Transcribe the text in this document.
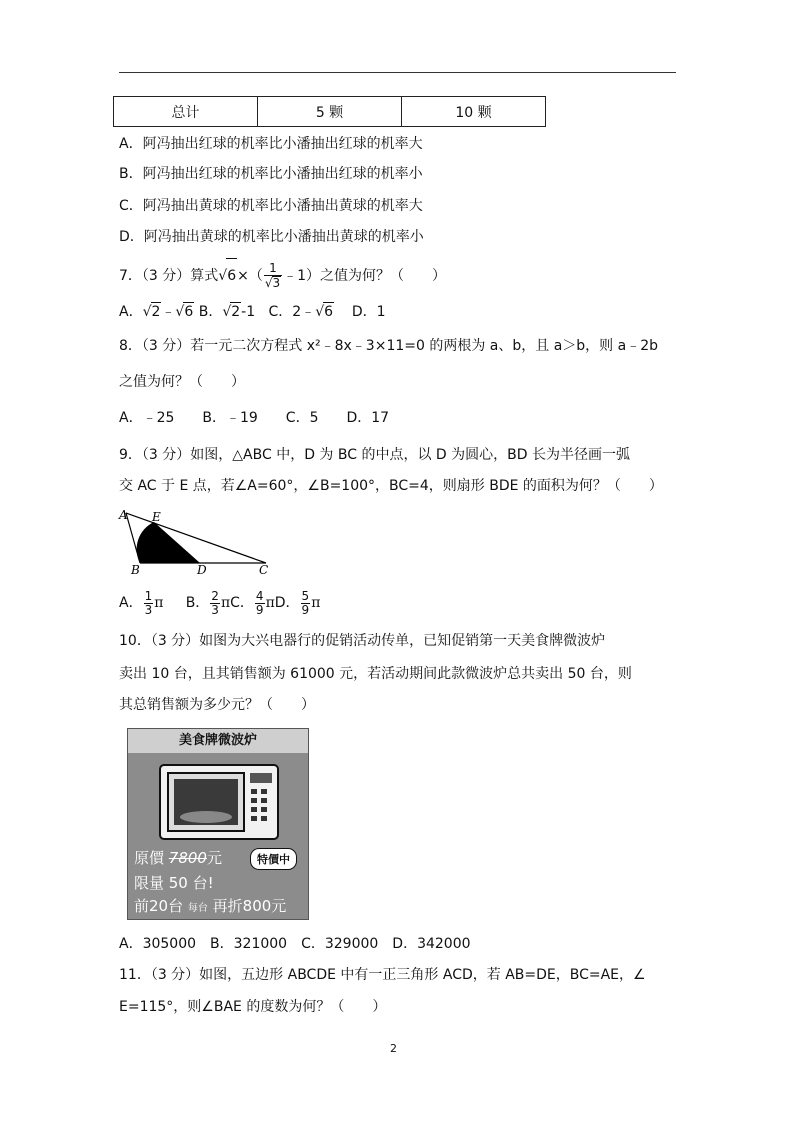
总计	5 颗	10 颗
A．阿冯抽出红球的机率比小潘抽出红球的机率大
B．阿冯抽出红球的机率比小潘抽出红球的机率小
C．阿冯抽出黄球的机率比小潘抽出黄球的机率大
D．阿冯抽出黄球的机率比小潘抽出黄球的机率小
7．（3 分）算式$√6\times( \frac{1}{√3}$ ﹣1）之值为何？（　　）
A．√2﹣√6 B．√2-1 C．2﹣√6 D．1
8．（3 分）若一元二次方程式 x²﹣8x﹣3×11=0 的两根为 a、b，且 a＞b，则 a﹣2b
之值为何？（　　）
A．﹣25　　B．﹣19　　C．5　　D．17
9．（3 分）如图，△ABC 中，D 为 BC 的中点，以 D 为圆心，BD 长为半径画一弧
交 AC 于 E 点，若∠A=60°，∠B=100°，BC=4，则扇形 BDE 的面积为何？（　　）
A E
B	D	C
A． $\frac{1}{3}$ π B． $\frac{2}{3}$ πC． $\frac{4}{9}$ πD． $\frac{5}{9}$ π
10．（3 分）如图为大兴电器行的促销活动传单，已知促销第一天美食牌微波炉
卖出 10 台，且其销售额为 61000 元，若活动期间此款微波炉总共卖出 50 台，则
其总销售额为多少元？（　　）
美食牌微波炉
原價 7800元	特價中
限量 50 台!
前20台 每台 再折800元
A．305000　B．321000　C．329000　D．342000
11．（3 分）如图，五边形 ABCDE 中有一正三角形 ACD，若 AB=DE，BC=AE，∠
E=115°，则∠BAE 的度数为何？（　　）
2
